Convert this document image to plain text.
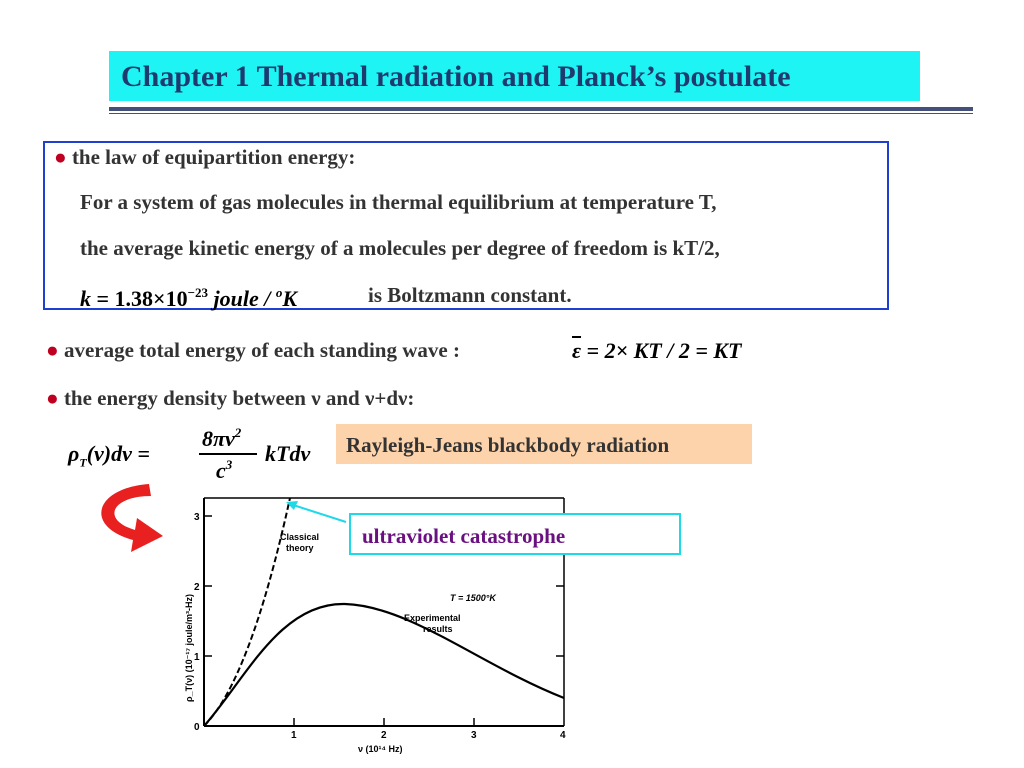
Chapter 1 Thermal radiation and Planck’s postulate
● the law of equipartition energy:
For a system of gas molecules in thermal equilibrium at temperature T,
the average kinetic energy of a molecules per degree of freedom is kT/2,
$k = 1.38\times 10^{-23}$ joule / $^o$K	is Boltzmann constant.
● average total energy of each standing wave :	$\overline{\varepsilon} = 2\times$ KT / 2 = KT
● the energy density between ν and ν+dν:
$\rho_T(\nu)d\nu$ =
$8\pi\nu^2$
$c^3$ kTdν Rayleigh-Jeans blackbody radiation
0
1
2
3
1	2	3	4
ν (10¹⁴ Hz)
ρ_T(ν) (10⁻¹⁷ joule/m³-Hz)
Classical
theory
T = 1500°K
Experimental
results
ultraviolet catastrophe
